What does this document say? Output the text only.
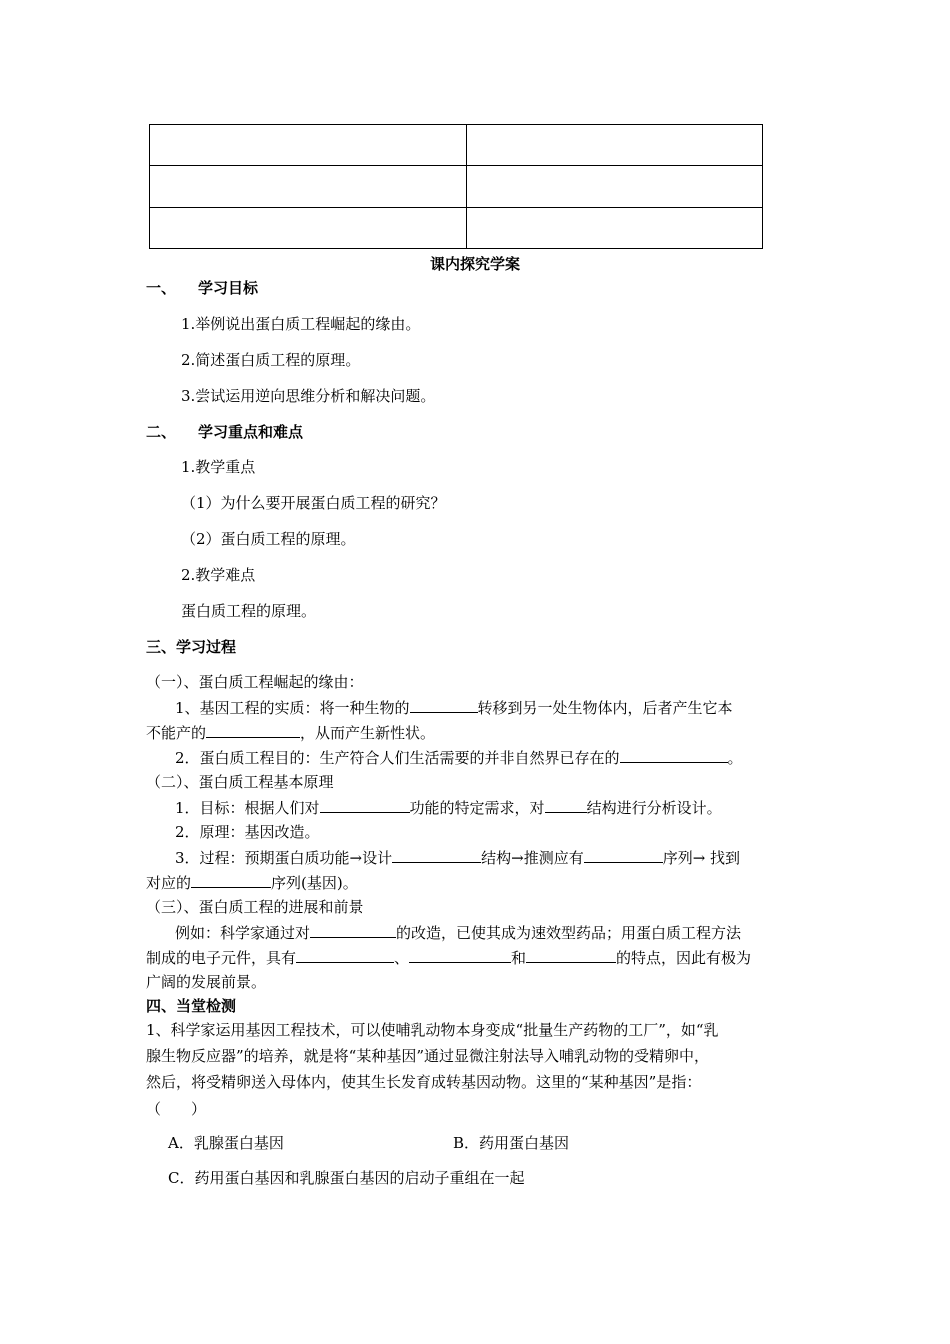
课内探究学案
一、 学习目标
1.举例说出蛋白质工程崛起的缘由。
2.简述蛋白质工程的原理。
3.尝试运用逆向思维分析和解决问题。
二、 学习重点和难点
1.教学重点
（1）为什么要开展蛋白质工程的研究？
（2）蛋白质工程的原理。
2.教学难点
蛋白质工程的原理。
三、学习过程
（一）、蛋白质工程崛起的缘由：
1、基因工程的实质：将一种生物的	转移到另一处生物体内，后者产生它本
不能产的	，从而产生新性状。
2．蛋白质工程目的：生产符合人们生活需要的并非自然界已存在的	。
（二）、蛋白质工程基本原理
1．目标：根据人们对	功能的特定需求，对	结构进行分析设计。
2．原理：基因改造。
3．过程：预期蛋白质功能→设计	结构→推测应有	序列→ 找到
对应的	序列(基因)。
（三）、蛋白质工程的进展和前景
例如：科学家通过对	的改造，已使其成为速效型药品；用蛋白质工程方法
制成的电子元件，具有	、	和	的特点，因此有极为
广阔的发展前景。
四、当堂检测
1、科学家运用基因工程技术，可以使哺乳动物本身变成“批量生产药物的工厂”，如“乳
腺生物反应器”的培养，就是将“某种基因”通过显微注射法导入哺乳动物的受精卵中，
然后，将受精卵送入母体内，使其生长发育成转基因动物。这里的“某种基因”是指：
（　　）
A．乳腺蛋白基因	B．药用蛋白基因
C．药用蛋白基因和乳腺蛋白基因的启动子重组在一起
